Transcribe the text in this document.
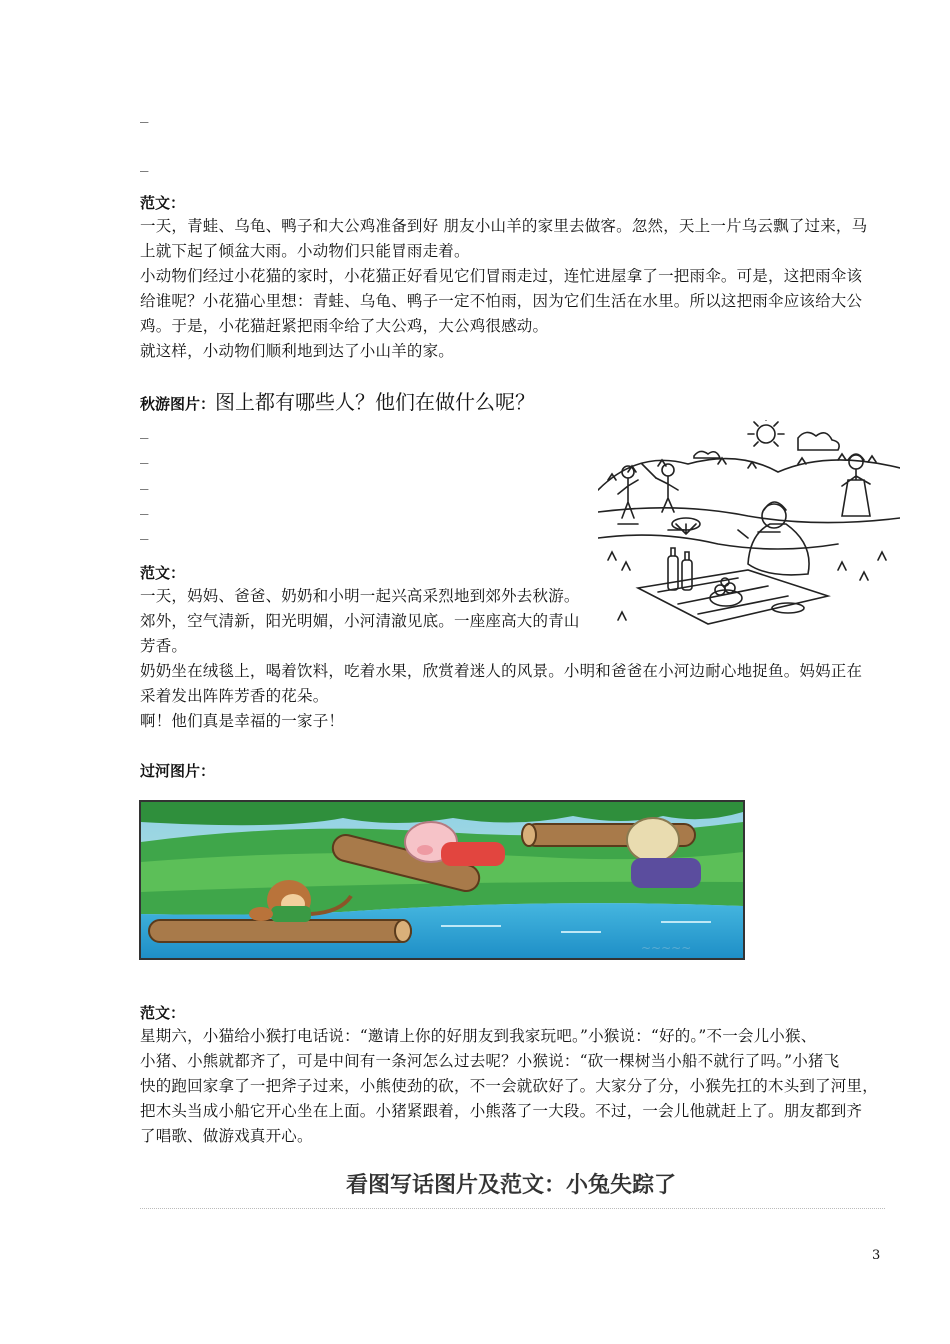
_
_
范文：

一天，青蛙、乌龟、鸭子和大公鸡准备到好 朋友小山羊的家里去做客。忽然，天上一片乌云飘了过来，马

上就下起了倾盆大雨。小动物们只能冒雨走着。

小动物们经过小花猫的家时，小花猫正好看见它们冒雨走过，连忙进屋拿了一把雨伞。可是，这把雨伞该

给谁呢？小花猫心里想：青蛙、乌龟、鸭子一定不怕雨，因为它们生活在水里。所以这把雨伞应该给大公

鸡。于是，小花猫赶紧把雨伞给了大公鸡，大公鸡很感动。

就这样，小动物们顺利地到达了小山羊的家。

秋游图片：图上都有哪些人？他们在做什么呢？
_
_
_
_
_
范文：

一天，妈妈、爸爸、奶奶和小明一起兴高采烈地到郊外去秋游。

郊外，空气清新，阳光明媚，小河清澈见底。一座座高大的青山

芳香。

奶奶坐在绒毯上，喝着饮料，吃着水果，欣赏着迷人的风景。小明和爸爸在小河边耐心地捉鱼。妈妈正在

采着发出阵阵芳香的花朵。

啊！他们真是幸福的一家子！

过河图片：
~~~~~
范文：

星期六，小猫给小猴打电话说：“邀请上你的好朋友到我家玩吧。”小猴说：“好的。”不一会儿小猴、

小猪、小熊就都齐了，可是中间有一条河怎么过去呢？小猴说：“砍一棵树当小船不就行了吗。”小猪飞

快的跑回家拿了一把斧子过来，小熊使劲的砍，不一会就砍好了。大家分了分，小猴先扛的木头到了河里，

把木头当成小船它开心坐在上面。小猪紧跟着，小熊落了一大段。不过，一会儿他就赶上了。朋友都到齐

了唱歌、做游戏真开心。

看图写话图片及范文：小兔失踪了
3
